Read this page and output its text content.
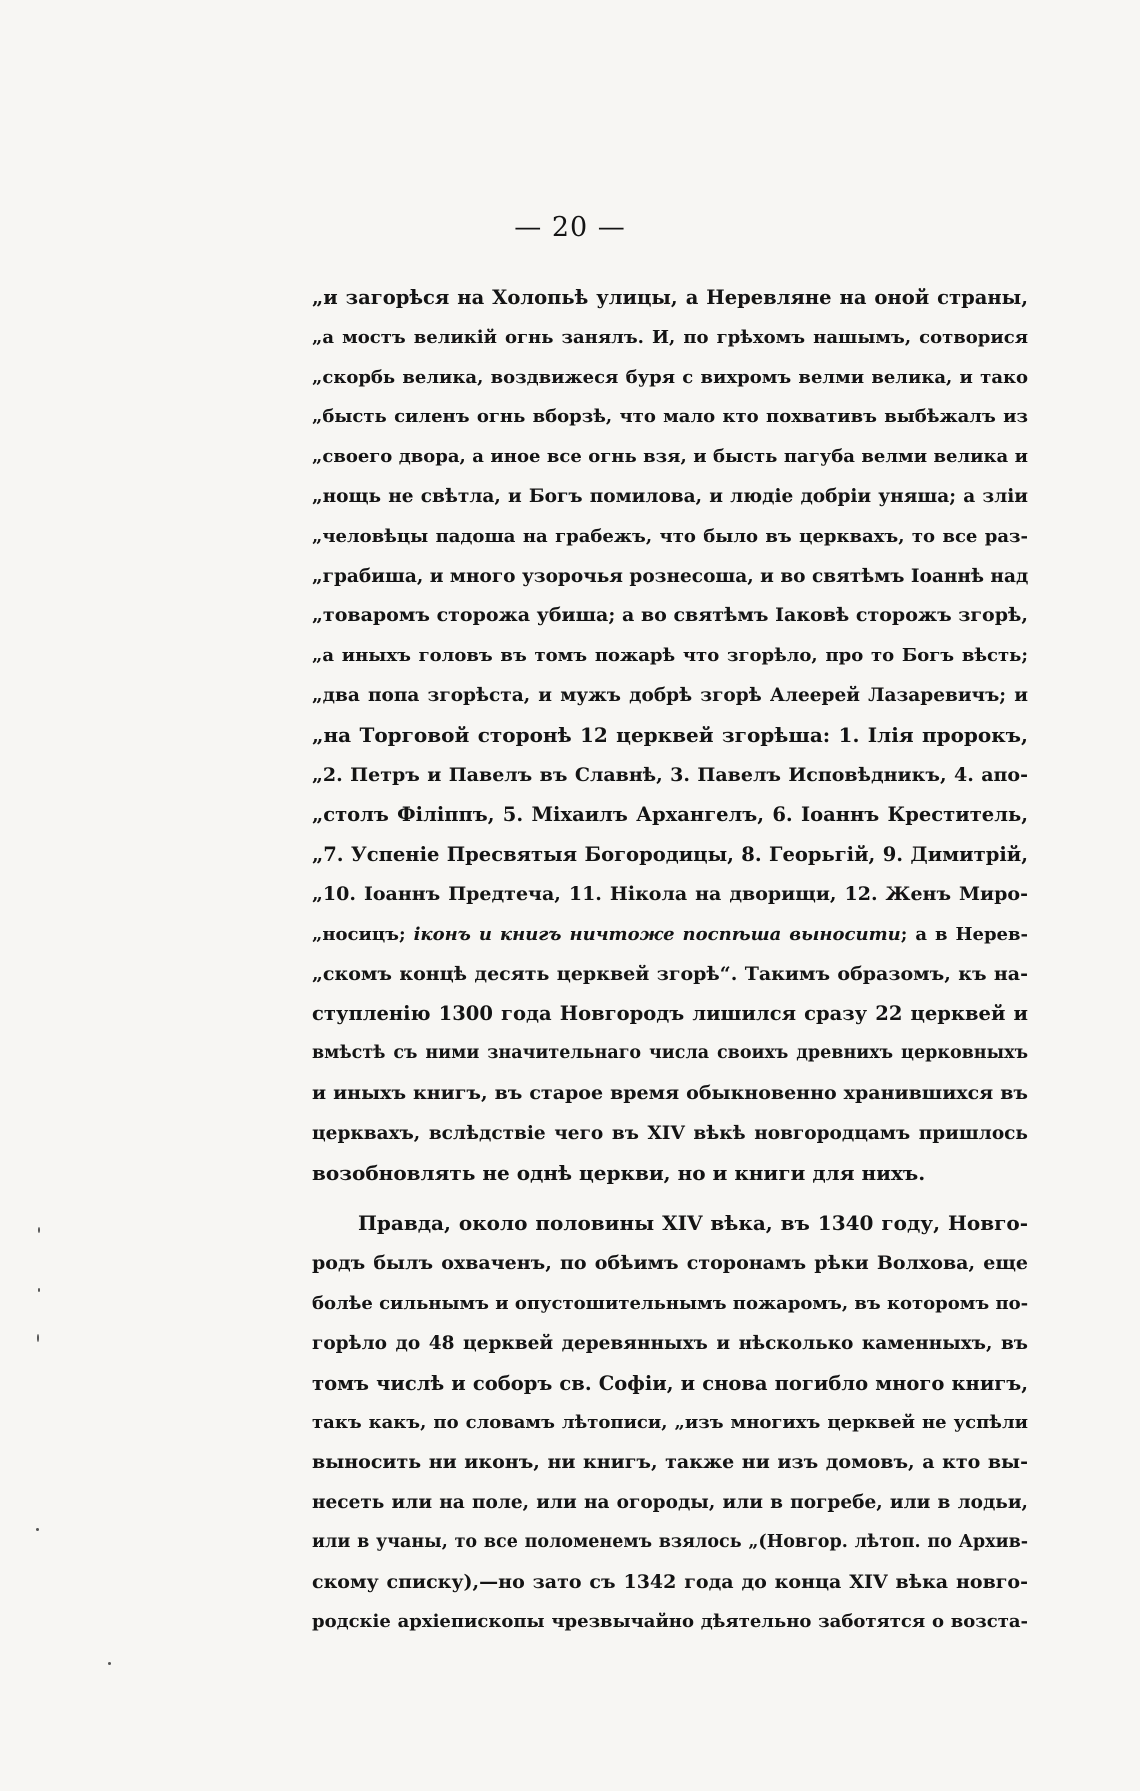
— 20 —
„и загорѣся на Холопьѣ улицы, а Неревляне на оной страны,
„а мостъ великій огнь занялъ. И, по грѣхомъ нашымъ, сотворися
„скорбь велика, воздвижеся буря с вихромъ велми велика, и тако
„бысть силенъ огнь вборзѣ, что мало кто похвативъ выбѣжалъ из
„своего двора, а иное все огнь взя, и бысть пагуба велми велика и
„нощь не свѣтла, и Богъ помилова, и людіе добріи уняша; а зліи
„человѣцы падоша на грабежъ, что было въ церквахъ, то все раз-
„грабиша, и много узорочья рознесоша, и во святѣмъ Іоаннѣ над
„товаромъ сторожа убиша; а во святѣмъ Іаковѣ сторожъ згорѣ,
„а иныхъ головъ въ томъ пожарѣ что згорѣло, про то Богъ вѣсть;
„два попа згорѣста, и мужъ добрѣ згорѣ Алеерей Лазаревичъ; и
„на Торговой сторонѣ 12 церквей згорѣша: 1. Ілія пророкъ,
„2. Петръ и Павелъ въ Славнѣ, 3. Павелъ Исповѣдникъ, 4. апо-
„столъ Філіппъ, 5. Міхаилъ Архангелъ, 6. Іоаннъ Креститель,
„7. Успеніе Пресвятыя Богородицы, 8. Георьгій, 9. Димитрій,
„10. Іоаннъ Предтеча, 11. Нікола на дворищи, 12. Женъ Миро-
„носицъ; іконъ и книгъ ничтоже поспѣша выносити; а в Нерев-
„скомъ концѣ десять церквей згорѣ“. Такимъ образомъ, къ на-
ступленію 1300 года Новгородъ лишился сразу 22 церквей и
вмѣстѣ съ ними значительнаго числа своихъ древнихъ церковныхъ
и иныхъ книгъ, въ старое время обыкновенно хранившихся въ
церквахъ, вслѣдствіе чего въ XIV вѣкѣ новгородцамъ пришлось
возобновлять не однѣ церкви, но и книги для нихъ.
Правда, около половины XIV вѣка, въ 1340 году, Новго-
родъ былъ охваченъ, по обѣимъ сторонамъ рѣки Волхова, еще
болѣе сильнымъ и опустошительнымъ пожаромъ, въ которомъ по-
горѣло до 48 церквей деревянныхъ и нѣсколько каменныхъ, въ
томъ числѣ и соборъ св. Софіи, и снова погибло много книгъ,
такъ какъ, по словамъ лѣтописи, „изъ многихъ церквей не успѣли
выносить ни иконъ, ни книгъ, также ни изъ домовъ, а кто вы-
несеть или на поле, или на огороды, или в погребе, или в лодьи,
или в учаны, то все поломенемъ взялось „(Новгор. лѣтоп. по Архив-
скому списку),—но зато съ 1342 года до конца XIV вѣка новго-
родскіе архіепископы чрезвычайно дѣятельно заботятся о возста-
